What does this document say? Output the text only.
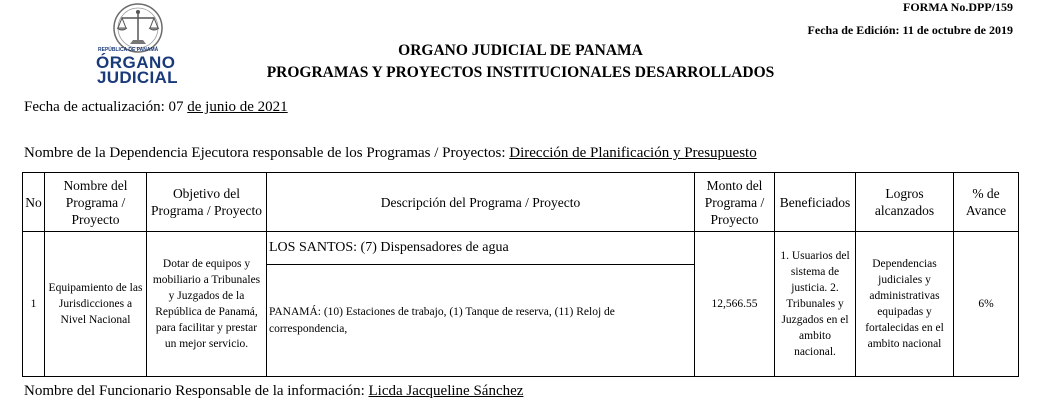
REPÚBLICA DE PANAMÁ
ÓRGANO
JUDICIAL
FORMA No.DPP/159
Fecha de Edición: 11 de octubre de 2019
ORGANO JUDICIAL DE PANAMA
PROGRAMAS Y PROYECTOS INSTITUCIONALES DESARROLLADOS
Fecha de actualización: 07 de junio de 2021
Nombre de la Dependencia Ejecutora responsable de los Programas / Proyectos: Dirección de Planificación y Presupuesto
No	Nombre del Programa / Proyecto	Objetivo del Programa / Proyecto	Descripción del Programa / Proyecto	Monto del Programa / Proyecto	Beneficiados	Logros alcanzados	% de Avance
1	Equipamiento de las Jurisdicciones a Nivel Nacional	Dotar de equipos y mobiliario a Tribunales y Juzgados de la República de Panamá, para facilitar y prestar un mejor servicio.	LOS SANTOS: (7) Dispensadores de agua	12,566.55	1. Usuarios del sistema de justicia. 2. Tribunales y Juzgados en el ambito nacional.	Dependencias judiciales y administrativas equipadas y fortalecidas en el ambito nacional	6%
			PANAMÁ: (10) Estaciones de trabajo, (1) Tanque de reserva, (11) Reloj de correspondencia,				
Nombre del Funcionario Responsable de la información: Licda Jacqueline Sánchez
